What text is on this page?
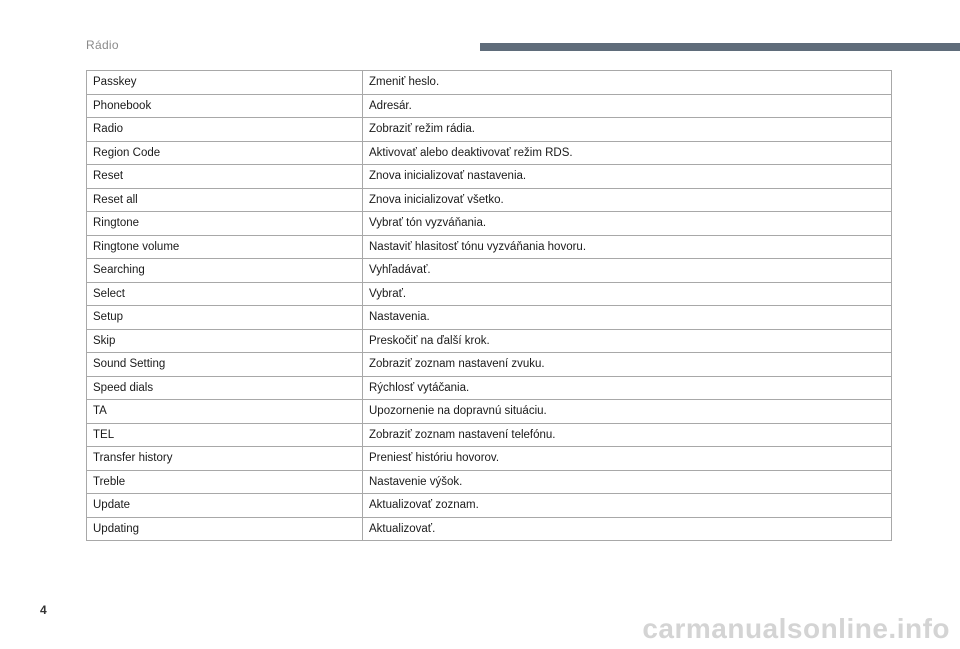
Rádio
Passkey	Zmeniť heslo.
Phonebook	Adresár.
Radio	Zobraziť režim rádia.
Region Code	Aktivovať alebo deaktivovať režim RDS.
Reset	Znova inicializovať nastavenia.
Reset all	Znova inicializovať všetko.
Ringtone	Vybrať tón vyzváňania.
Ringtone volume	Nastaviť hlasitosť tónu vyzváňania hovoru.
Searching	Vyhľadávať.
Select	Vybrať.
Setup	Nastavenia.
Skip	Preskočiť na ďalší krok.
Sound Setting	Zobraziť zoznam nastavení zvuku.
Speed dials	Rýchlosť vytáčania.
TA	Upozornenie na dopravnú situáciu.
TEL	Zobraziť zoznam nastavení telefónu.
Transfer history	Preniesť históriu hovorov.
Treble	Nastavenie výšok.
Update	Aktualizovať zoznam.
Updating	Aktualizovať.
4
carmanualsonline.info
